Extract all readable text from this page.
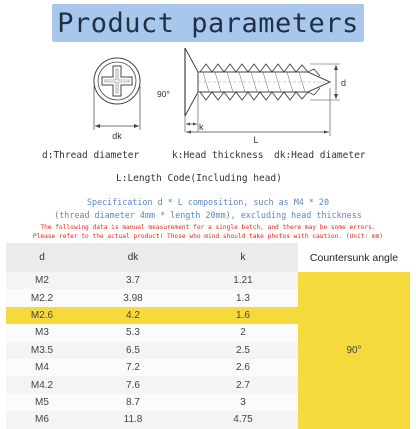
Product parameters
dk
90°
d
k
L
d:Thread diameter	k:Head thickness dk:Head diameter
L:Length Code(Including head)
Specification d * L composition, such as M4 * 20
(thread diameter 4mm * length 20mm), excluding head thickness
The following data is manual measurement for a single batch, and there may be some errors.
Please refer to the actual product! Those who mind should take photos with caution. (Unit: mm)
d	dk	k	Countersunk angle
M2	3.7	1.21	90°
M2.2	3.98	1.3	
M2.6	4.2	1.6	
M3	5.3	2	
M3.5	6.5	2.5	
M4	7.2	2.6	
M4.2	7.6	2.7	
M5	8.7	3	
M6	11.8	4.75	
